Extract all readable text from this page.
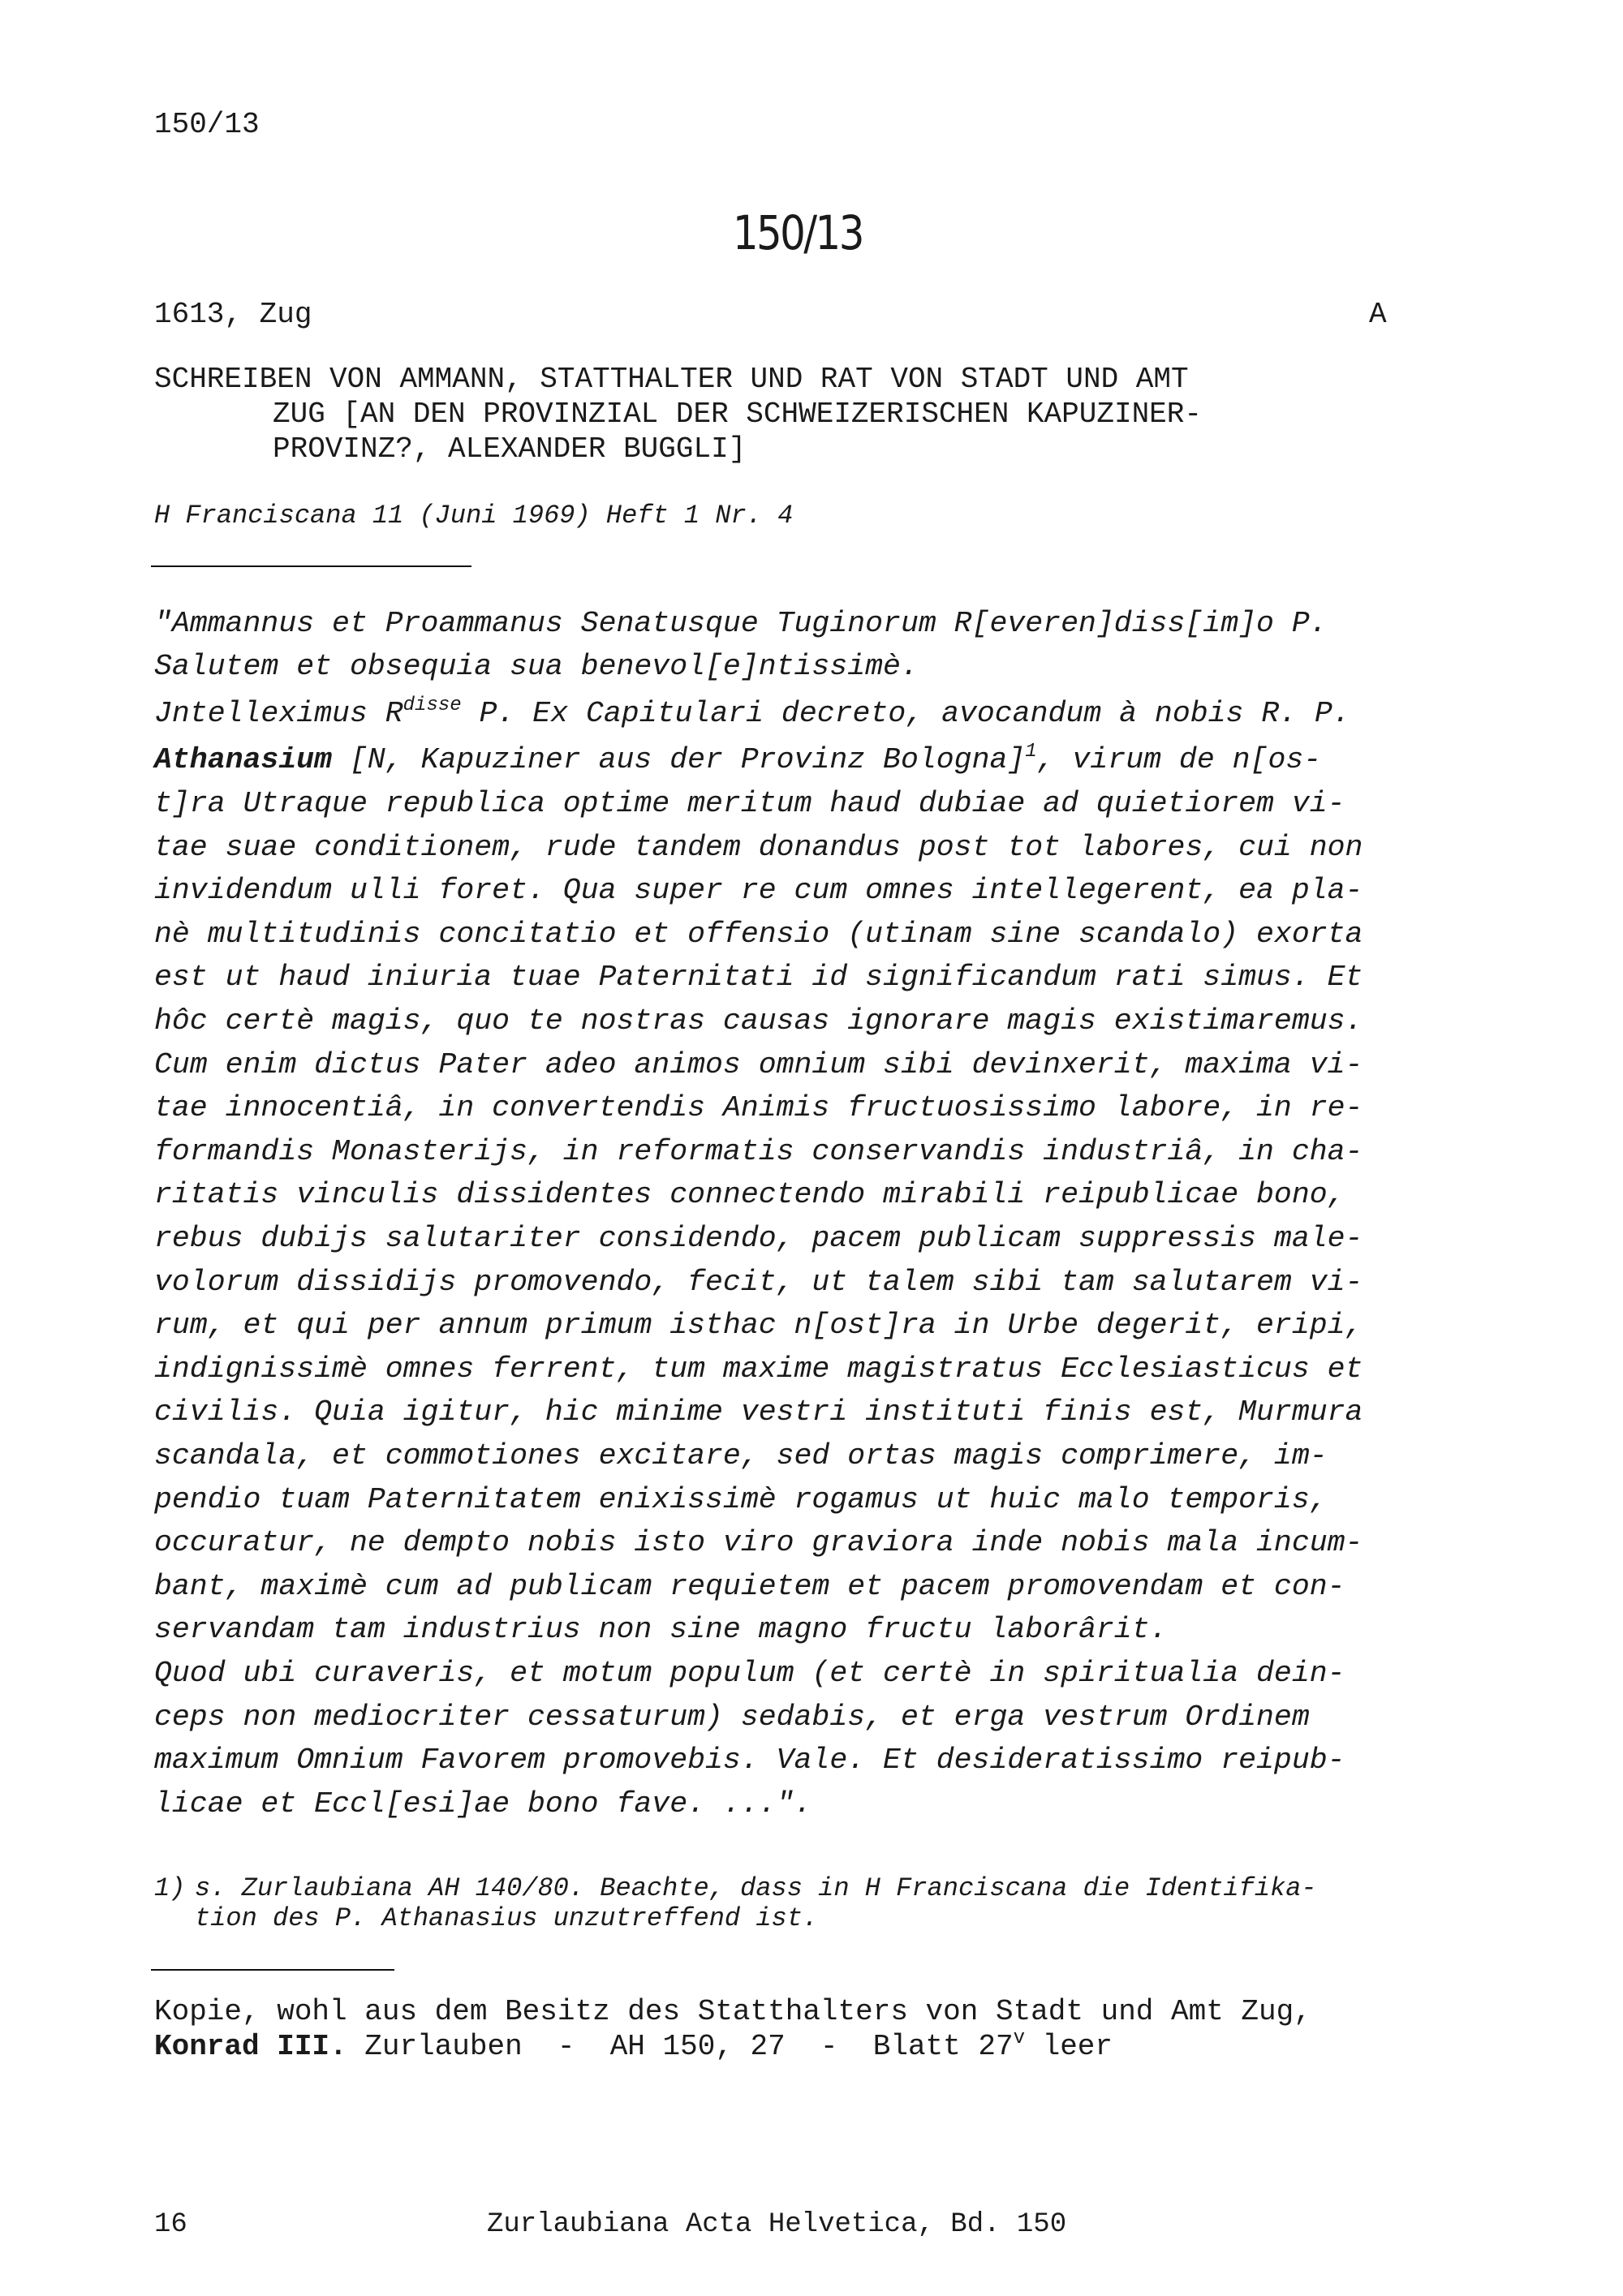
150/13
150/13
1613, Zug	A
SCHREIBEN VON AMMANN, STATTHALTER UND RAT VON STADT UND AMT
ZUG [AN DEN PROVINZIAL DER SCHWEIZERISCHEN KAPUZINER-
PROVINZ?, ALEXANDER BUGGLI]
H Franciscana 11 (Juni 1969) Heft 1 Nr. 4
"Ammannus et Proammanus Senatusque Tuginorum R[everen]diss[im]o P.
Salutem et obsequia sua benevol[e]ntissimè.
Jntelleximus $R^{disse}$ P. Ex Capitulari decreto, avocandum à nobis R. P.
Athanasium [N, Kapuziner aus der Provinz Bologna]$^1$, virum de n[os-
t]ra Utraque republica optime meritum haud dubiae ad quietiorem vi-
tae suae conditionem, rude tandem donandus post tot labores, cui non
invidendum ulli foret. Qua super re cum omnes intellegerent, ea pla-
nè multitudinis concitatio et offensio (utinam sine scandalo) exorta
est ut haud iniuria tuae Paternitati id significandum rati simus. Et
hôc certè magis, quo te nostras causas ignorare magis existimaremus.
Cum enim dictus Pater adeo animos omnium sibi devinxerit, maxima vi-
tae innocentiâ, in convertendis Animis fructuosissimo labore, in re-
formandis Monasterijs, in reformatis conservandis industriâ, in cha-
ritatis vinculis dissidentes connectendo mirabili reipublicae bono,
rebus dubijs salutariter considendo, pacem publicam suppressis male-
volorum dissidijs promovendo, fecit, ut talem sibi tam salutarem vi-
rum, et qui per annum primum isthac n[ost]ra in Urbe degerit, eripi,
indignissimè omnes ferrent, tum maxime magistratus Ecclesiasticus et
civilis. Quia igitur, hic minime vestri instituti finis est, Murmura
scandala, et commotiones excitare, sed ortas magis comprimere, im-
pendio tuam Paternitatem enixissimè rogamus ut huic malo temporis,
occuratur, ne dempto nobis isto viro graviora inde nobis mala incum-
bant, maximè cum ad publicam requietem et pacem promovendam et con-
servandam tam industrius non sine magno fructu laborârit.
Quod ubi curaveris, et motum populum (et certè in spiritualia dein-
ceps non mediocriter cessaturum) sedabis, et erga vestrum Ordinem
maximum Omnium Favorem promovebis. Vale. Et desideratissimo reipub-
licae et Eccl[esi]ae bono fave. ...".
1) s. Zurlaubiana AH 140/80. Beachte, dass in H Franciscana die Identifika-
tion des P. Athanasius unzutreffend ist.
Kopie, wohl aus dem Besitz des Statthalters von Stadt und Amt Zug,
Konrad III. Zurlauben  -  AH 150, 27  -  Blatt 27$^v$ leer
16	Zurlaubiana Acta Helvetica, Bd. 150
